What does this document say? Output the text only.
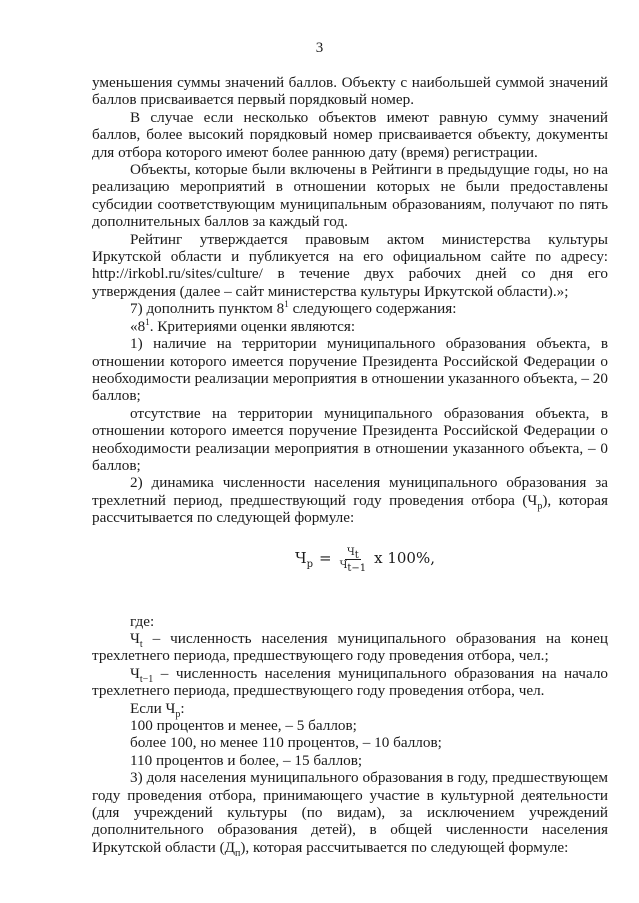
3

уменьшения суммы значений баллов. Объекту с наибольшей суммой значений баллов присваивается первый порядковый номер.

В случае если несколько объектов имеют равную сумму значений баллов, более высокий порядковый номер присваивается объекту, документы для отбора которого имеют более раннюю дату (время) регистрации.

Объекты, которые были включены в Рейтинги в предыдущие годы, но на реализацию мероприятий в отношении которых не были предоставлены субсидии соответствующим муниципальным образованиям, получают по пять дополнительных баллов за каждый год.

Рейтинг утверждается правовым актом министерства культуры Иркутской области и публикуется на его официальном сайте по адресу: http://irkobl.ru/sites/culture/ в течение двух рабочих дней со дня его утверждения (далее – сайт министерства культуры Иркутской области).»;

7) дополнить пунктом $8^1$ следующего содержания:

«$8^1$. Критериями оценки являются:

1) наличие на территории муниципального образования объекта, в отношении которого имеется поручение Президента Российской Федерации о необходимости реализации мероприятия в отношении указанного объекта, – 20 баллов;

отсутствие на территории муниципального образования объекта, в отношении которого имеется поручение Президента Российской Федерации о необходимости реализации мероприятия в отношении указанного объекта, – 0 баллов;

2) динамика численности населения муниципального образования за трехлетний период, предшествующий году проведения отбора $(Ч_р)$, которая рассчитывается по следующей формуле:

$Ч_р = \frac{Чt}{Чt-1}$ x 100%,

где:

$Ч_t$ – численность населения муниципального образования на конец трехлетнего периода, предшествующего году проведения отбора, чел.;

$Ч_{t-1}$ – численность населения муниципального образования на начало трехлетнего периода, предшествующего году проведения отбора, чел.

Если $Ч_р$:

100 процентов и менее, – 5 баллов;

более 100, но менее 110 процентов, – 10 баллов;

110 процентов и более, – 15 баллов;

3) доля населения муниципального образования в году, предшествующем году проведения отбора, принимающего участие в культурной деятельности (для учреждений культуры (по видам), за исключением учреждений дополнительного образования детей), в общей численности населения Иркутской области $(Д_п)$, которая рассчитывается по следующей формуле:
